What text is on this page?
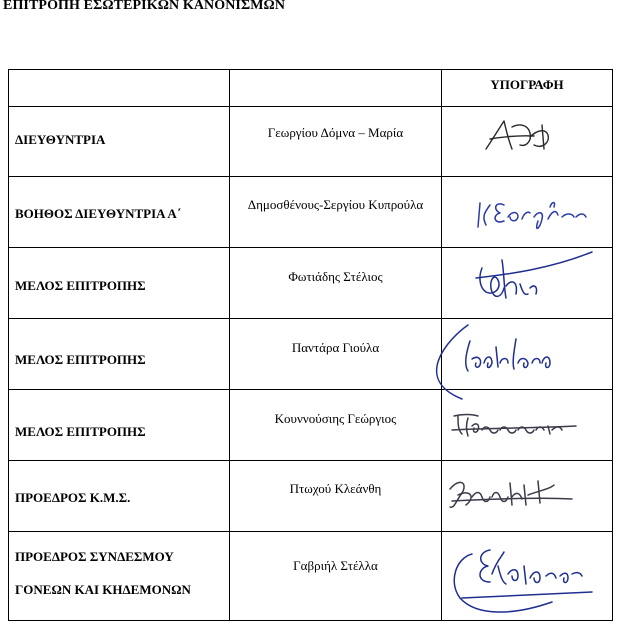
ΕΠΙΤΡΟΠΗ ΕΣΩΤΕΡΙΚΩΝ ΚΑΝΟΝΙΣΜΩΝ

		ΥΠΟΓΡΑΦΗ

ΔΙΕΥΘΥΝΤΡΙΑ	Γεωργίου Δόμνα – Μαρία

ΒΟΗΘΟΣ ΔΙΕΥΘΥΝΤΡΙΑ Α΄	Δημοσθένους-Σεργίου Κυπρούλα

ΜΕΛΟΣ ΕΠΙΤΡΟΠΗΣ	Φωτιάδης Στέλιος

ΜΕΛΟΣ ΕΠΙΤΡΟΠΗΣ	Παντάρα Γιούλα

ΜΕΛΟΣ ΕΠΙΤΡΟΠΗΣ	Κουννούσιης Γεώργιος

ΠΡΟΕΔΡΟΣ Κ.Μ.Σ.	Πτωχού Κλεάνθη

ΠΡΟΕΔΡΟΣ ΣΥΝΔΕΣΜΟΥ
ΓΟΝΕΩΝ ΚΑΙ ΚΗΔΕΜΟΝΩΝ	Γαβριήλ Στέλλα
